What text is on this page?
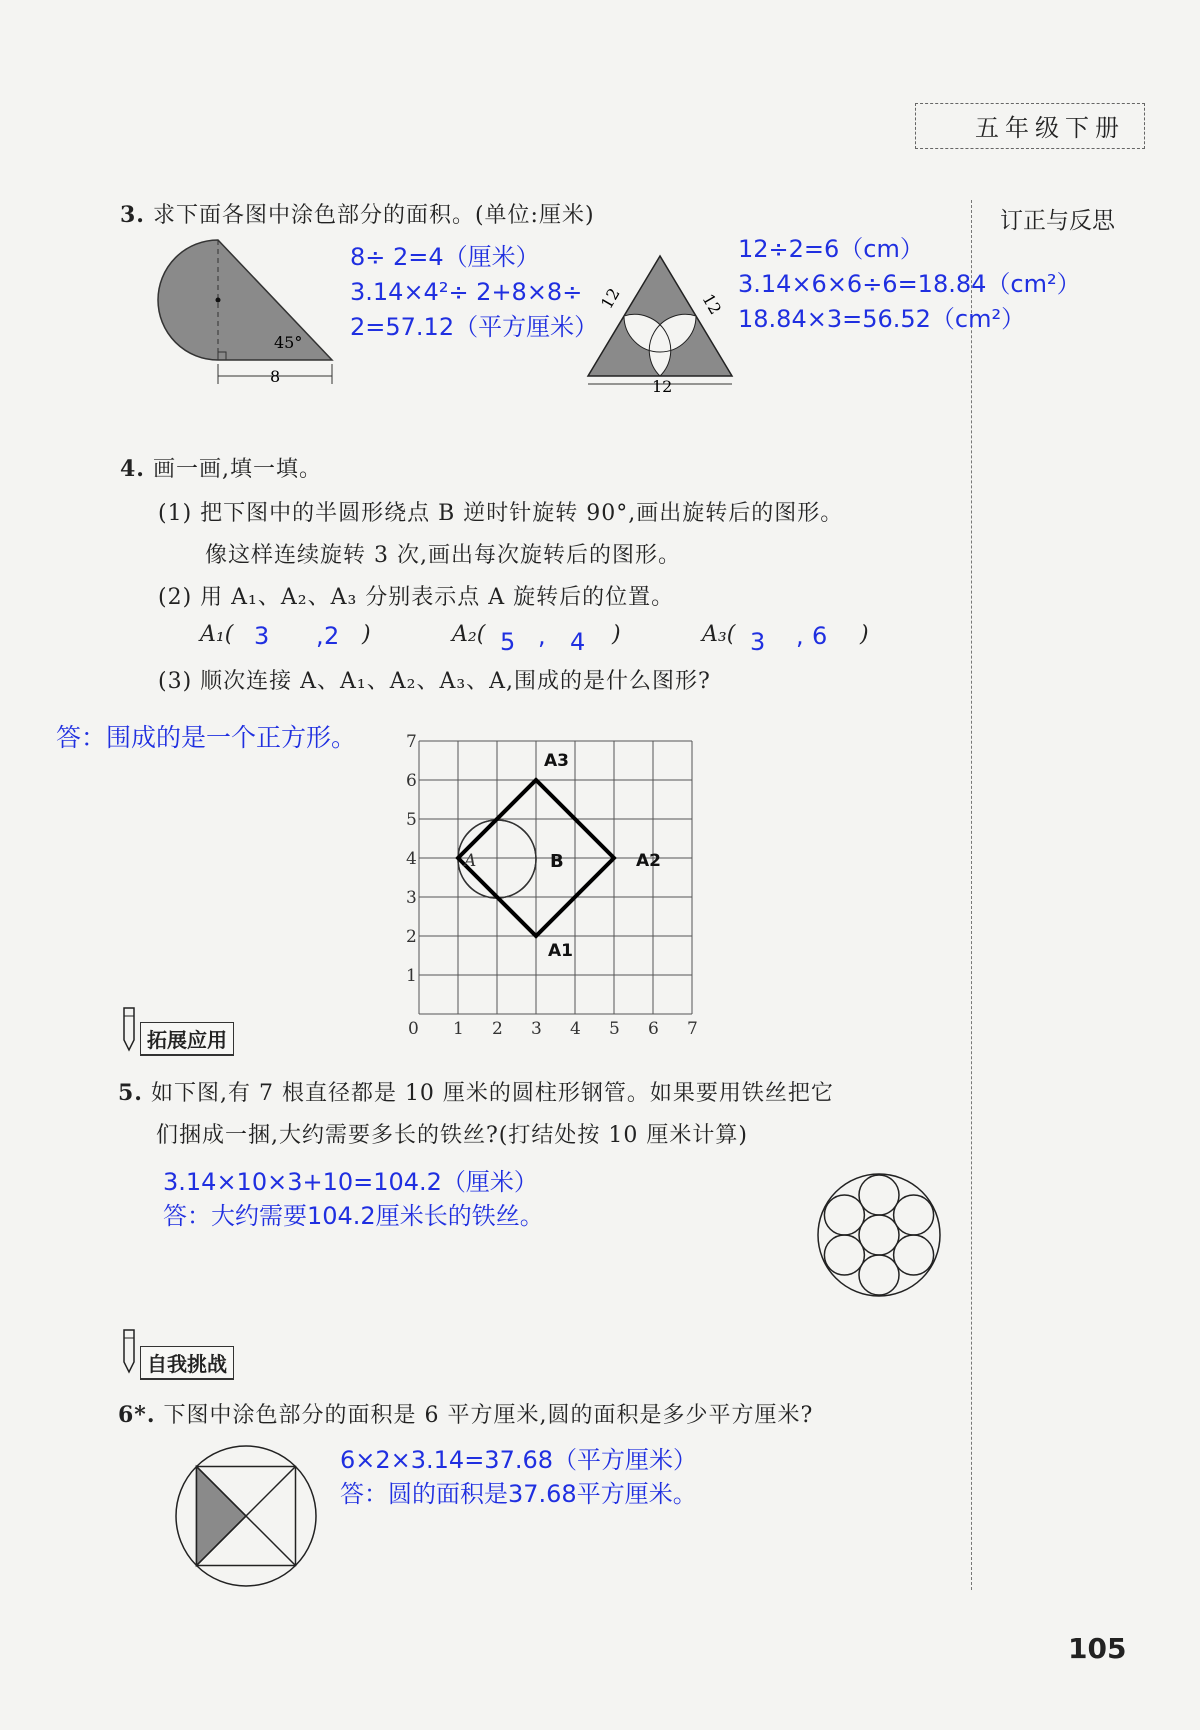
五年级下册
订正与反思
3. 求下面各图中涂色部分的面积。(单位:厘米)
45°
8
8÷ 2=4（厘米）
3.14×4²÷ 2+8×8÷
2=57.12（平方厘米）
12	12
12
12÷2=6（cm）
3.14×6×6÷6=18.84（cm²）
18.84×3=56.52（cm²）
4. 画一画,填一填。
(1) 把下图中的半圆形绕点 B 逆时针旋转 90°,画出旋转后的图形。
像这样连续旋转 3 次,画出每次旋转后的图形。
(2) 用 A₁、A₂、A₃ 分别表示点 A 旋转后的位置。
A₁( 3 , 2 )	A₂( 5 , 4 )	A₃( 3 , 6 )
(3) 顺次连接 A、A₁、A₂、A₃、A,围成的是什么图形?
答：围成的是一个正方形。
0 1 2 3 4 5 6 7
1
2
3
4
5
6
7
A	B
A1
A2
A3
拓展应用
5. 如下图,有 7 根直径都是 10 厘米的圆柱形钢管。如果要用铁丝把它
们捆成一捆,大约需要多长的铁丝?(打结处按 10 厘米计算)
3.14×10×3+10=104.2（厘米）
答：大约需要104.2厘米长的铁丝。
自我挑战
6*. 下图中涂色部分的面积是 6 平方厘米,圆的面积是多少平方厘米?
6×2×3.14=37.68（平方厘米）
答：圆的面积是37.68平方厘米。
105
